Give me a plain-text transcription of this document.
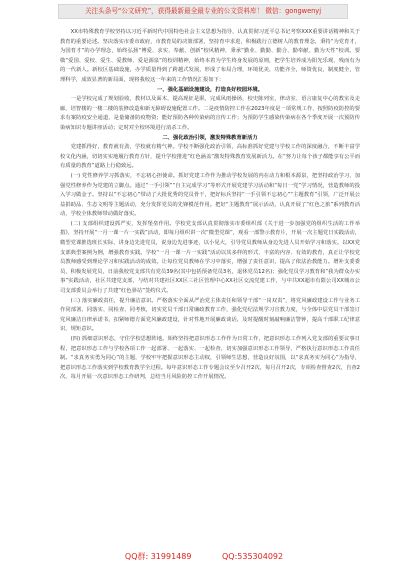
关注头条号“公文研究”，获得最新最全最专业的公文资料库！ 微信：gongwenyj

XX市特殊教育学校坚持以习近平新时代中国特色社会主义思想为指导，认真贯彻习近平总书记考察XXX重要讲话精神和关于教育的重要论述。坚决落实市委市政府，市教育局的决策部署，坚持育中求进，积极践行立德树人的教育理念，秉持“为党育才，为国育才”的办学理念，始终弘扬“博爱、求实、奉献、创新”校风精神，秉承“勤业、勤勤、勤合、勤奉献、勤为天性”校训。要敬“爱国、爱校、爱生、爱教师、爱是源泉”的校训精神，始终本着为学生终身发展的原则，把学生培养成为阳光乐观、残而有为的一代新人。新校区基础设施，办学质量得到了跨越式发展，形成了布局合理，环境优美，功能齐全，师资优良，制度健全，管理科学，成效显著的新局面，现将我校这一年来的工作情况汇报如下：

一、强化基础设施建设，打造良好校园环境。

一是学校完成了规划验收，教材以及面木，提高现征是职，完成风雨操场，校史陈列室，律动室、语言康复中心的教室及走廊，培智楼的一楼二楼的装修改造和新无障碍设施配置工作。二是疫情防控工作在2023年度是一项常规工作，按照防疫防控的要求有案防疫安全通道，是量储备防疫物资；能好预防各种传染病的宣传工作；为预防学生感染传染病在各个季度开展一次预防传染病知识专题讲座活动；定时对全校环境进行消杀工作。

二、强化政治引领，激发特殊教育新活力

党建抓得好，教育就有劲，学校就有精气神。学校不断强化政治引领，高标准抓好党建与学校工作的深度融合，不断丰富学校文化内涵，切切实实地履行教育方针，提升学校推进“红色涵盖”激发特殊教育发展新活力。在“努力让每个孩子都能享有公平而有质量的教育”道路上行稳致远。

(一) 党性修养学习抓落实，不忘初心担使命。抓好党建工作作为推动学校发展的内在动力和根本源泉，把坚持政治学习，加强党性修养作为党建的立脚点。通过“一手引领”“自主完成学习”等形式开展党建学习活动和“每日一党”学习情况，营造教师的投入学习做金子。坚持以“不忘初心”带动了大批优秀的党员骨干，把好标兵坚持“一手引领不忘初心”“主题教育”引领，广泛开展公益捐助品、生态文明等主题活动，充分发挥党员的先锋模范作用。把好“主题教育”展示活动，认真开展了“红色之旅”系列教育活动，学校全体教师带动做好落实。

(二) 支部组织建设抓严实，发挥堡垒作用。学校党支部认真贯彻落实市委组织部《关于进一步加强党的组织生活的工作举措》，坚持开展“一月一课一片一实践”活动，即每月组织讲一次“微型党课”，观看一部警示教育片，开展一次主题党日实践活动，微型党课推选班长实际，讲身边先进党员，说身边先进事迹，以小见大，引导党员教师从身边先进人员开始学习和落实。以XX党支部典型案例为例，增强教育实践。学校“一月一课一片一实践”活动以其多样的形式、丰富的内容、有效的教育，真正让学校党员教师感受到理论学习和实践活动的成效。让每位党员教师在学习中落实，增强了责任意识，提高了依法治教能力。增补支委委员，积极发展党员，日前我校党支部共有党员39名(其中包括预备党员3名，退休党员12名)；强化党员学习教育和“我为群众办实事”实践活动，社区共建党支部，与结对共建社区XX区三社区管理中心XX社区交流党建工作，与中共XX超市有限公司XX城市公司支部委员会举行了共建“红色驿站”签约仪式。

(三) 落实廉政责任，提升廉洁意识。严格落实全面从严治党主体责任和领导干部“一岗双责”，将党风廉政建设工作与业务工作同部署、同落实、同检查、同考核，切实党员干部日常廉政教育工作，强化党纪法规学习宣教力度，与全体中层党员干部签订党风廉洁自律承诺书，扣紧师德方面党风廉政建设，针对性地开展廉政谈话，及时提醒时刻敲响廉洁警钟，提高干部职工纪律意识，规矩意识。

(四) 抓细意识形态，守住学校思想阵地。始终坚持把意识形态工作作为日常工作，把意识形态工作列入党支部的重要议事日程，把意识形态工作与学校各项工作一起部署、一起落实、一起检查，切实加强意识形态工作领导，严格执行意识形态工作责任制。“求真务实勇为同心”的主题，学校牢牢把握意识形态主动权，引领师生思想，营造良好氛围，以“求真务实为同心”为指导，把意识形态工作落实到学校教育教学全过程。每年意识形态工作专题会议至少召开2次，每月召开2次，专项检查督查2次，自查2次，每月开展一次意识形态工作研判，总结当月风险防控工作开展情况。

QQ群: 31991489	QQ:535304092
